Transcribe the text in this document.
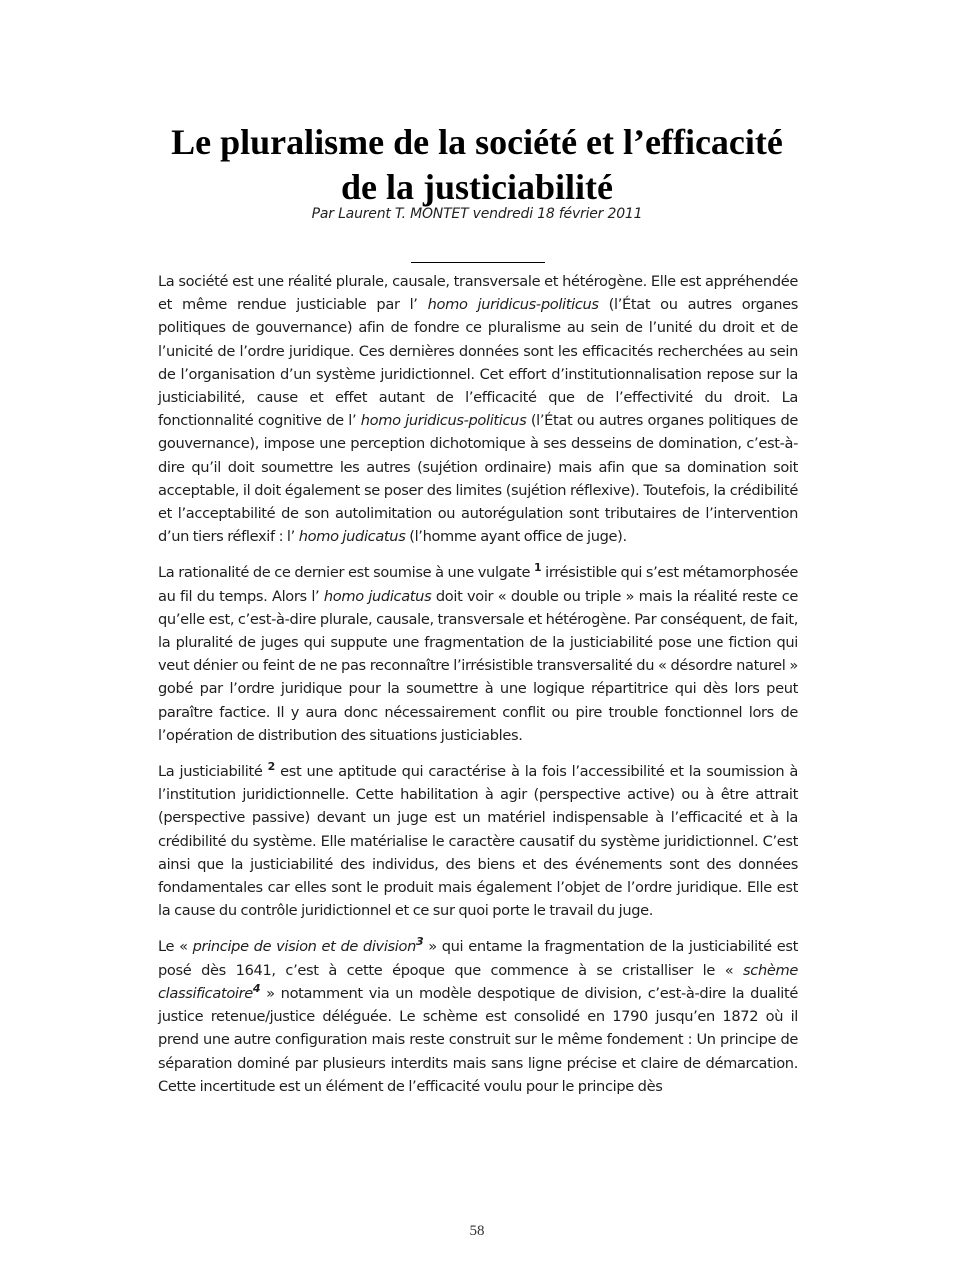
Le pluralisme de la société et l’efficacité
de la justiciabilité
Par Laurent T. MONTET vendredi 18 février 2011

La société est une réalité plurale, causale, transversale et hétérogène. Elle est appréhendée et même rendue justiciable par l’ homo juridicus-politicus (l’État ou autres organes politiques de gouvernance) afin de fondre ce pluralisme au sein de l’unité du droit et de l’unicité de l’ordre juridique. Ces dernières données sont les efficacités recherchées au sein de l’organisation d’un système juridictionnel. Cet effort d’institutionnalisation repose sur la justiciabilité, cause et effet autant de l’efficacité que de l’effectivité du droit. La fonctionnalité cognitive de l’ homo juridicus-politicus (l’État ou autres organes politiques de gouvernance), impose une perception dichotomique à ses desseins de domination, c’est-à-dire qu’il doit soumettre les autres (sujétion ordinaire) mais afin que sa domination soit acceptable, il doit également se poser des limites (sujétion réflexive). Toutefois, la crédibilité et l’acceptabilité de son autolimitation ou autorégulation sont tributaires de l’intervention d’un tiers réflexif : l’ homo judicatus (l’homme ayant office de juge).

La rationalité de ce dernier est soumise à une vulgate $^1$ irrésistible qui s’est métamorphosée au fil du temps. Alors l’ homo judicatus doit voir « double ou triple » mais la réalité reste ce qu’elle est, c’est-à-dire plurale, causale, transversale et hétérogène. Par conséquent, de fait, la pluralité de juges qui suppute une fragmentation de la justiciabilité pose une fiction qui veut dénier ou feint de ne pas reconnaître l’irrésistible transversalité du « désordre naturel » gobé par l’ordre juridique pour la soumettre à une logique répartitrice qui dès lors peut paraître factice. Il y aura donc nécessairement conflit ou pire trouble fonctionnel lors de l’opération de distribution des situations justiciables.

La justiciabilité $^2$ est une aptitude qui caractérise à la fois l’accessibilité et la soumission à l’institution juridictionnelle. Cette habilitation à agir (perspective active) ou à être attrait (perspective passive) devant un juge est un matériel indispensable à l’efficacité et à la crédibilité du système. Elle matérialise le caractère causatif du système juridictionnel. C’est ainsi que la justiciabilité des individus, des biens et des événements sont des données fondamentales car elles sont le produit mais également l’objet de l’ordre juridique. Elle est la cause du contrôle juridictionnel et ce sur quoi porte le travail du juge.

Le « principe de vision et de division$^3$ » qui entame la fragmentation de la justiciabilité est posé dès 1641, c’est à cette époque que commence à se cristalliser le « schème classificatoire$^4$ » notamment via un modèle despotique de division, c’est-à-dire la dualité justice retenue/justice déléguée. Le schème est consolidé en 1790 jusqu’en 1872 où il prend une autre configuration mais reste construit sur le même fondement : Un principe de séparation dominé par plusieurs interdits mais sans ligne précise et claire de démarcation. Cette incertitude est un élément de l’efficacité voulu pour le principe dès

58
